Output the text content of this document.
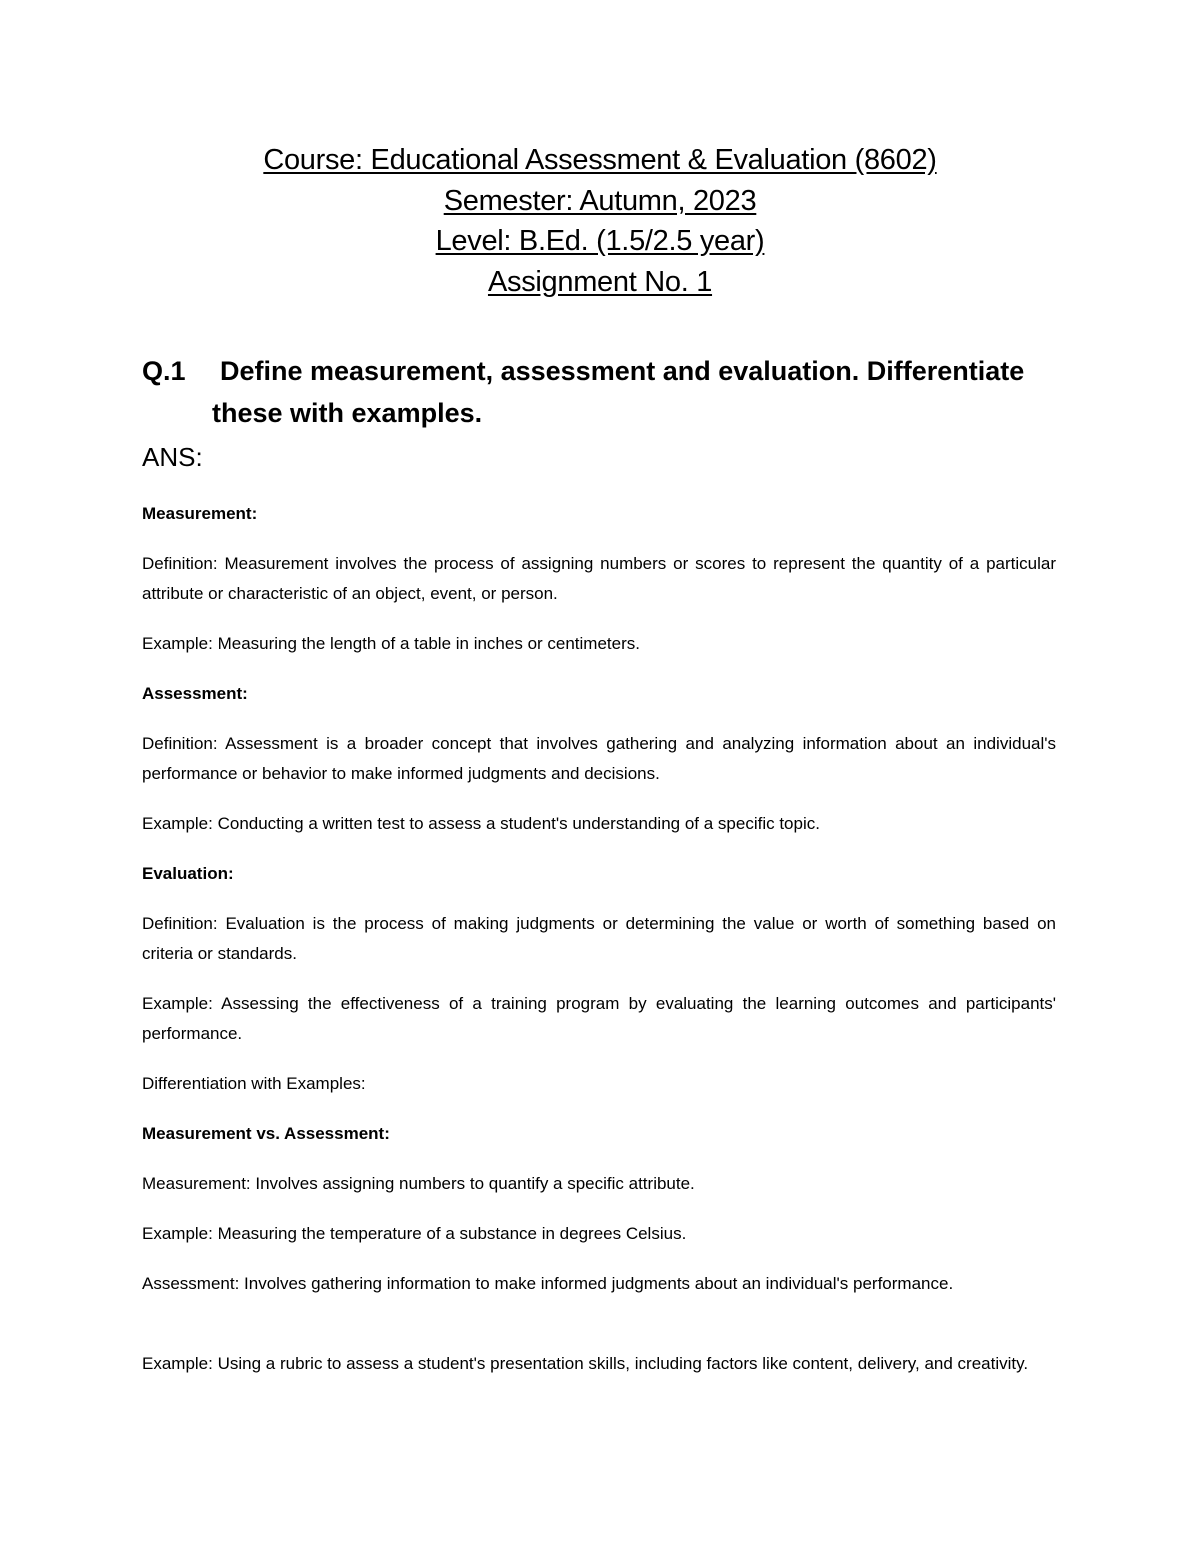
Course: Educational Assessment & Evaluation (8602)
Semester: Autumn, 2023
Level: B.Ed. (1.5/2.5 year)
Assignment No. 1
Q.1 Define measurement, assessment and evaluation. Differentiate
these with examples.
ANS:
Measurement:
Definition: Measurement involves the process of assigning numbers or scores to represent the quantity of a particular attribute or characteristic of an object, event, or person.
Example: Measuring the length of a table in inches or centimeters.
Assessment:
Definition: Assessment is a broader concept that involves gathering and analyzing information about an individual's performance or behavior to make informed judgments and decisions.
Example: Conducting a written test to assess a student's understanding of a specific topic.
Evaluation:
Definition: Evaluation is the process of making judgments or determining the value or worth of something based on criteria or standards.
Example: Assessing the effectiveness of a training program by evaluating the learning outcomes and participants' performance.
Differentiation with Examples:
Measurement vs. Assessment:
Measurement: Involves assigning numbers to quantify a specific attribute.
Example: Measuring the temperature of a substance in degrees Celsius.
Assessment: Involves gathering information to make informed judgments about an individual's performance.
Example: Using a rubric to assess a student's presentation skills, including factors like content, delivery, and creativity.
